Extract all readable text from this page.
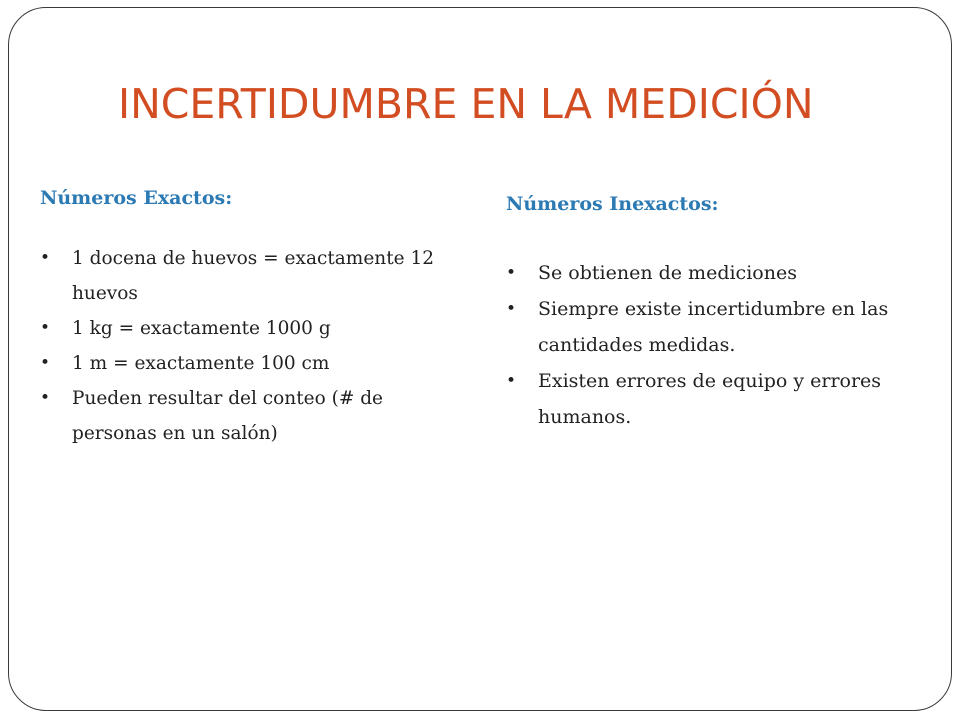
INCERTIDUMBRE EN LA MEDICIÓN
Números Exactos:
• 1 docena de huevos = exactamente 12 huevos
• 1 kg = exactamente 1000 g
• 1 m = exactamente 100 cm
• Pueden resultar del conteo (# de personas en un salón)
Números Inexactos:
• Se obtienen de mediciones
• Siempre existe incertidumbre en las cantidades medidas.
• Existen errores de equipo y errores humanos.
